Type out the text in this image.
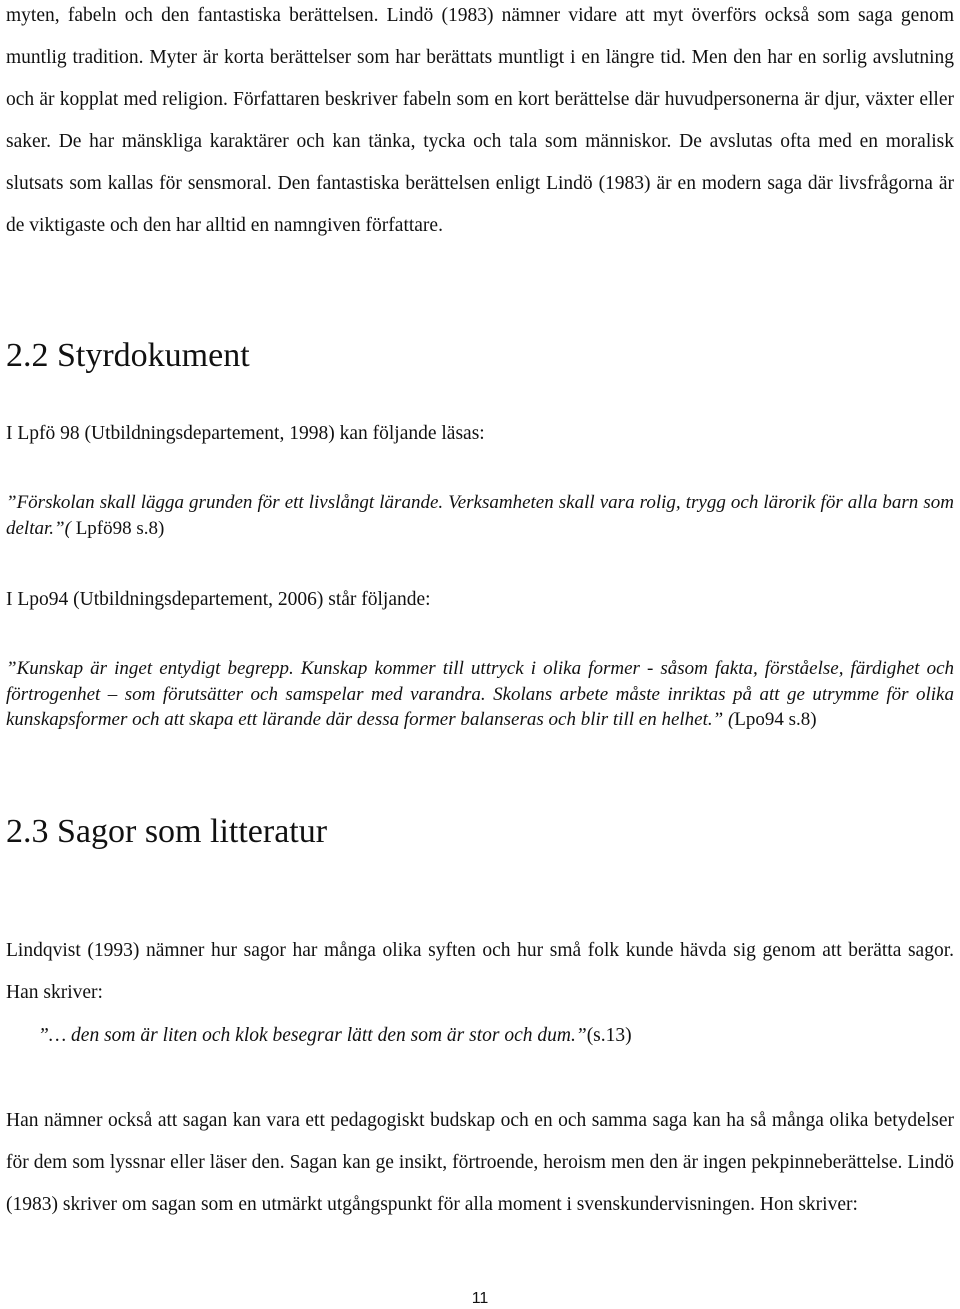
myten, fabeln och den fantastiska berättelsen. Lindö (1983) nämner vidare att myt överförs också som saga genom muntlig tradition. Myter är korta berättelser som har berättats muntligt i en längre tid. Men den har en sorlig avslutning och är kopplat med religion. Författaren beskriver fabeln som en kort berättelse där huvudpersonerna är djur, växter eller saker. De har mänskliga karaktärer och kan tänka, tycka och tala som människor. De avslutas ofta med en moralisk slutsats som kallas för sensmoral. Den fantastiska berättelsen enligt Lindö (1983) är en modern saga där livsfrågorna är de viktigaste och den har alltid en namngiven författare.

2.2 Styrdokument

I Lpfö 98 (Utbildningsdepartement, 1998) kan följande läsas:

”Förskolan skall lägga grunden för ett livslångt lärande. Verksamheten skall vara rolig, trygg och lärorik för alla barn som deltar.”( Lpfö98 s.8)

I Lpo94 (Utbildningsdepartement, 2006) står följande:

”Kunskap är inget entydigt begrepp. Kunskap kommer till uttryck i olika former - såsom fakta, förståelse, färdighet och förtrogenhet – som förutsätter och samspelar med varandra. Skolans arbete måste inriktas på att ge utrymme för olika kunskapsformer och att skapa ett lärande där dessa former balanseras och blir till en helhet.” (Lpo94 s.8)

2.3 Sagor som litteratur

Lindqvist (1993) nämner hur sagor har många olika syften och hur små folk kunde hävda sig genom att berätta sagor. Han skriver:

”… den som är liten och klok besegrar lätt den som är stor och dum.”(s.13)

Han nämner också att sagan kan vara ett pedagogiskt budskap och en och samma saga kan ha så många olika betydelser för dem som lyssnar eller läser den. Sagan kan ge insikt, förtroende, heroism men den är ingen pekpinneberättelse. Lindö (1983) skriver om sagan som en utmärkt utgångspunkt för alla moment i svenskundervisningen. Hon skriver:

11
